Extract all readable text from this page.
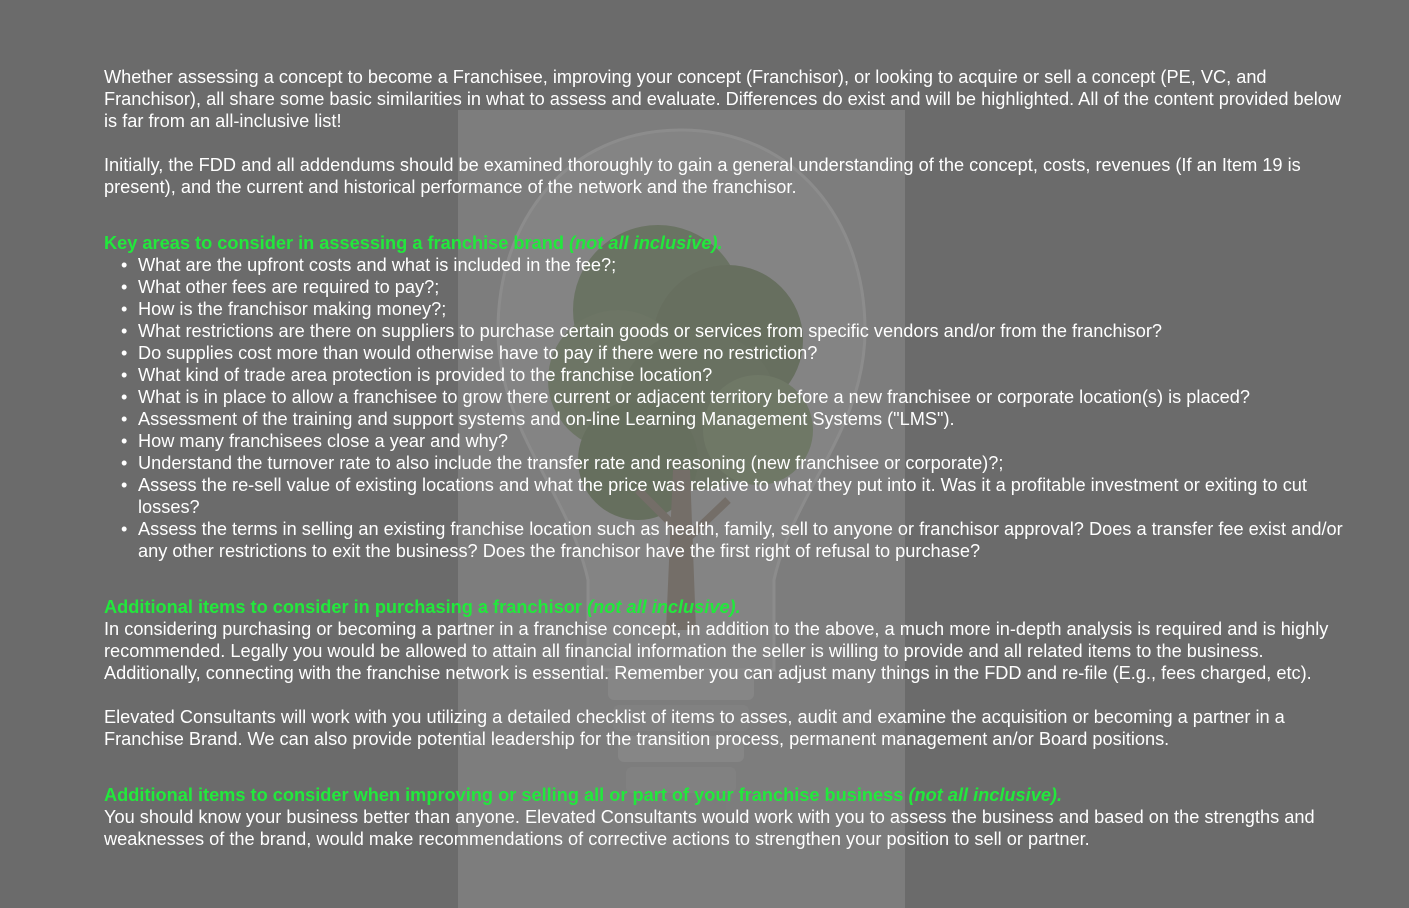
Whether assessing a concept to become a Franchisee, improving your concept (Franchisor), or looking to acquire or sell a concept (PE, VC, and Franchisor), all share some basic similarities in what to assess and evaluate. Differences do exist and will be highlighted. All of the content provided below is far from an all-inclusive list!

Initially, the FDD and all addendums should be examined thoroughly to gain a general understanding of the concept, costs, revenues (If an Item 19 is present), and the current and historical performance of the network and the franchisor.

Key areas to consider in assessing a franchise brand (not all inclusive).

• What are the upfront costs and what is included in the fee?;
• What other fees are required to pay?;
• How is the franchisor making money?;
• What restrictions are there on suppliers to purchase certain goods or services from specific vendors and/or from the franchisor?
• Do supplies cost more than would otherwise have to pay if there were no restriction?
• What kind of trade area protection is provided to the franchise location?
• What is in place to allow a franchisee to grow there current or adjacent territory before a new franchisee or corporate location(s) is placed?
• Assessment of the training and support systems and on-line Learning Management Systems ("LMS").
• How many franchisees close a year and why?
• Understand the turnover rate to also include the transfer rate and reasoning (new franchisee or corporate)?;
• Assess the re-sell value of existing locations and what the price was relative to what they put into it. Was it a profitable investment or exiting to cut losses?
• Assess the terms in selling an existing franchise location such as health, family, sell to anyone or franchisor approval? Does a transfer fee exist and/or any other restrictions to exit the business? Does the franchisor have the first right of refusal to purchase?

Additional items to consider in purchasing a franchisor (not all inclusive).

In considering purchasing or becoming a partner in a franchise concept, in addition to the above, a much more in-depth analysis is required and is highly recommended. Legally you would be allowed to attain all financial information the seller is willing to provide and all related items to the business. Additionally, connecting with the franchise network is essential. Remember you can adjust many things in the FDD and re-file (E.g., fees charged, etc).

Elevated Consultants will work with you utilizing a detailed checklist of items to asses, audit and examine the acquisition or becoming a partner in a Franchise Brand. We can also provide potential leadership for the transition process, permanent management an/or Board positions.

Additional items to consider when improving or selling all or part of your franchise business (not all inclusive).

You should know your business better than anyone. Elevated Consultants would work with you to assess the business and based on the strengths and weaknesses of the brand, would make recommendations of corrective actions to strengthen your position to sell or partner.
